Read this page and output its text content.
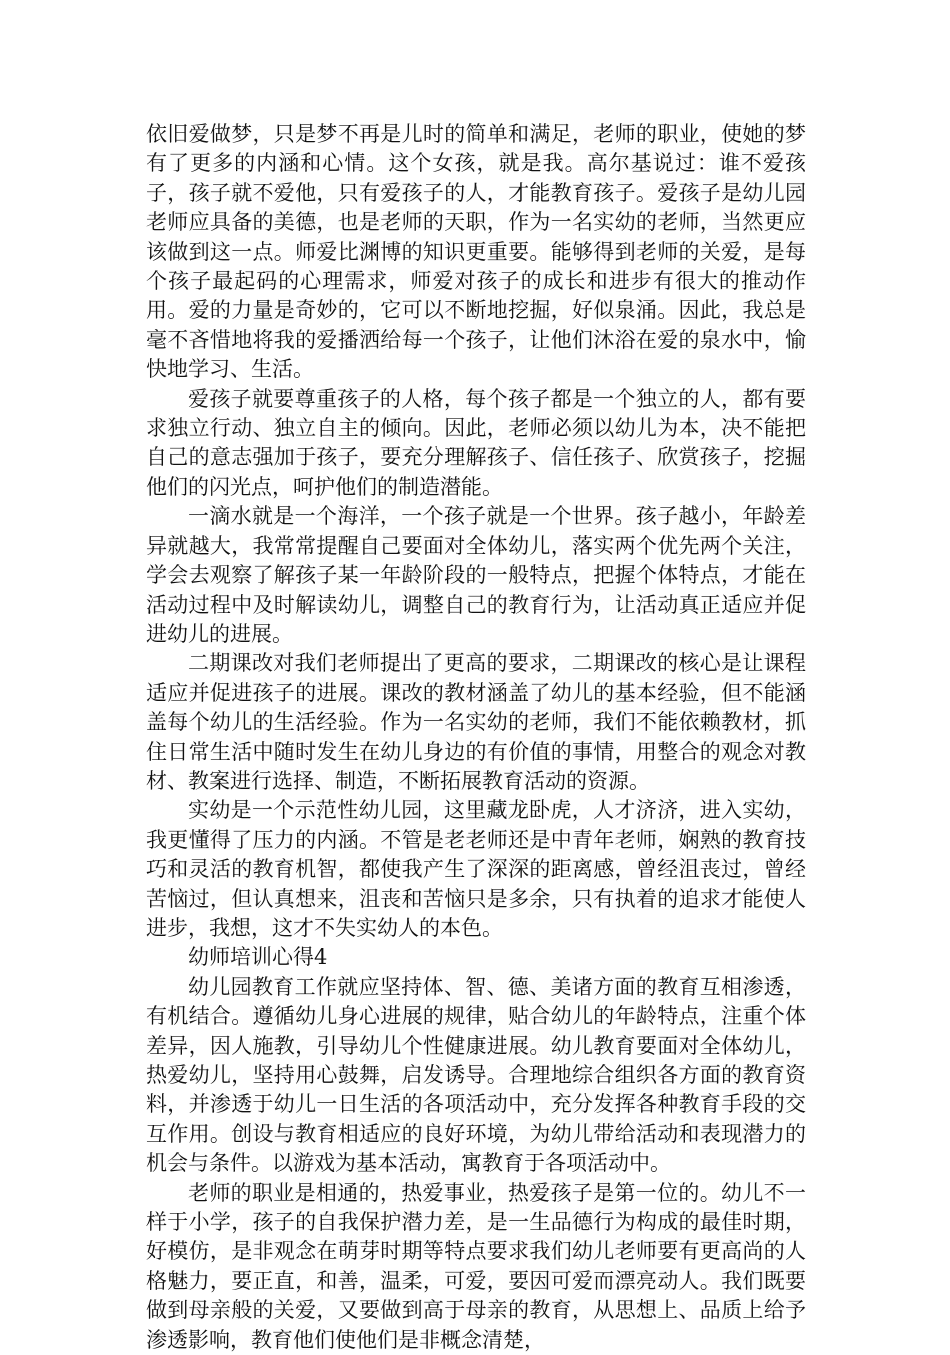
依旧爱做梦，只是梦不再是儿时的简单和满足，老师的职业，使她的梦有了更多的内涵和心情。这个女孩，就是我。高尔基说过：谁不爱孩子，孩子就不爱他，只有爱孩子的人，才能教育孩子。爱孩子是幼儿园老师应具备的美德，也是老师的天职，作为一名实幼的老师，当然更应该做到这一点。师爱比渊博的知识更重要。能够得到老师的关爱，是每个孩子最起码的心理需求，师爱对孩子的成长和进步有很大的推动作用。爱的力量是奇妙的，它可以不断地挖掘，好似泉涌。因此，我总是毫不吝惜地将我的爱播洒给每一个孩子，让他们沐浴在爱的泉水中，愉快地学习、生活。

爱孩子就要尊重孩子的人格，每个孩子都是一个独立的人，都有要求独立行动、独立自主的倾向。因此，老师必须以幼儿为本，决不能把自己的意志强加于孩子，要充分理解孩子、信任孩子、欣赏孩子，挖掘他们的闪光点，呵护他们的制造潜能。

一滴水就是一个海洋，一个孩子就是一个世界。孩子越小，年龄差异就越大，我常常提醒自己要面对全体幼儿，落实两个优先两个关注，学会去观察了解孩子某一年龄阶段的一般特点，把握个体特点，才能在活动过程中及时解读幼儿，调整自己的教育行为，让活动真正适应并促进幼儿的进展。

二期课改对我们老师提出了更高的要求，二期课改的核心是让课程适应并促进孩子的进展。课改的教材涵盖了幼儿的基本经验，但不能涵盖每个幼儿的生活经验。作为一名实幼的老师，我们不能依赖教材，抓住日常生活中随时发生在幼儿身边的有价值的事情，用整合的观念对教材、教案进行选择、制造，不断拓展教育活动的资源。

实幼是一个示范性幼儿园，这里藏龙卧虎，人才济济，进入实幼，我更懂得了压力的内涵。不管是老老师还是中青年老师，娴熟的教育技巧和灵活的教育机智，都使我产生了深深的距离感，曾经沮丧过，曾经苦恼过，但认真想来，沮丧和苦恼只是多余，只有执着的追求才能使人进步，我想，这才不失实幼人的本色。

幼师培训心得4

幼儿园教育工作就应坚持体、智、德、美诸方面的教育互相渗透，有机结合。遵循幼儿身心进展的规律，贴合幼儿的年龄特点，注重个体差异，因人施教，引导幼儿个性健康进展。幼儿教育要面对全体幼儿，热爱幼儿，坚持用心鼓舞，启发诱导。合理地综合组织各方面的教育资料，并渗透于幼儿一日生活的各项活动中，充分发挥各种教育手段的交互作用。创设与教育相适应的良好环境，为幼儿带给活动和表现潜力的机会与条件。以游戏为基本活动，寓教育于各项活动中。

老师的职业是相通的，热爱事业，热爱孩子是第一位的。幼儿不一样于小学，孩子的自我保护潜力差，是一生品德行为构成的最佳时期，好模仿，是非观念在萌芽时期等特点要求我们幼儿老师要有更高尚的人格魅力，要正直，和善，温柔，可爱，要因可爱而漂亮动人。我们既要做到母亲般的关爱，又要做到高于母亲的教育，从思想上、品质上给予渗透影响，教育他们使他们是非概念清楚，
